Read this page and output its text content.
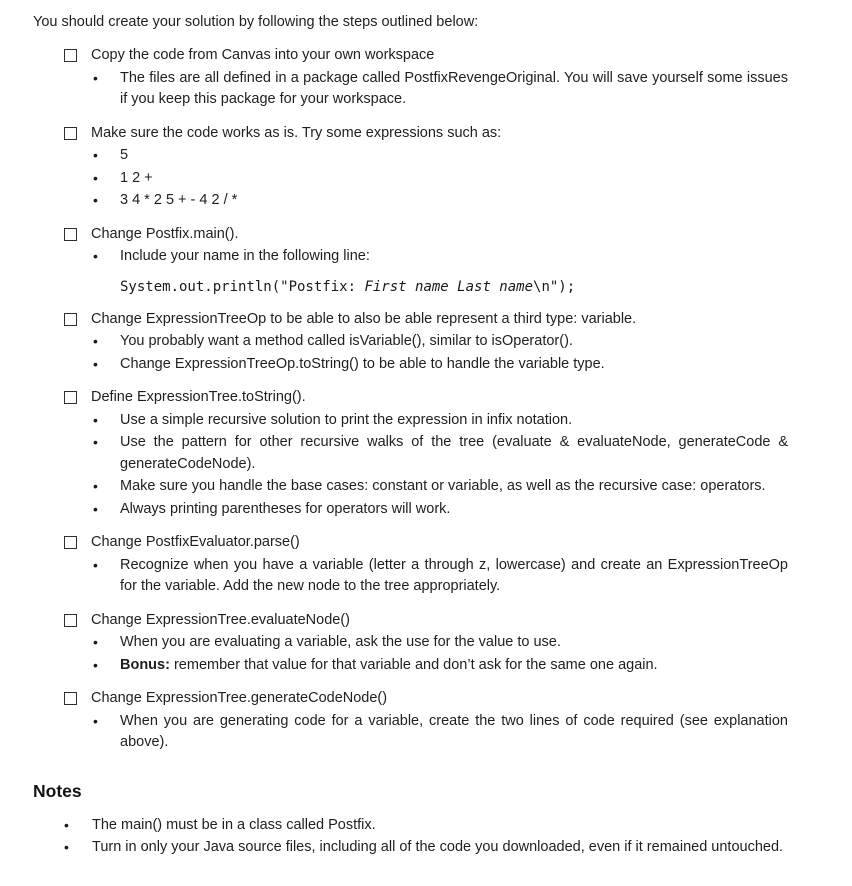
You should create your solution by following the steps outlined below:

Copy the code from Canvas into your own workspace
•	The files are all defined in a package called PostfixRevengeOriginal. You will save yourself some issues if you keep this package for your workspace.
Make sure the code works as is. Try some expressions such as:
•	5
•	1 2 +
•	3 4 * 2 5 + - 4 2 / *
Change Postfix.main().
•	Include your name in the following line:
System.out.println("Postfix: First name Last name\n");
Change ExpressionTreeOp to be able to also be able represent a third type: variable.
•	You probably want a method called isVariable(), similar to isOperator().
•	Change ExpressionTreeOp.toString() to be able to handle the variable type.
Define ExpressionTree.toString().
•	Use a simple recursive solution to print the expression in infix notation.
•	Use the pattern for other recursive walks of the tree (evaluate & evaluateNode, generateCode & generateCodeNode).
•	Make sure you handle the base cases: constant or variable, as well as the recursive case: operators.
•	Always printing parentheses for operators will work.
Change PostfixEvaluator.parse()
•	Recognize when you have a variable (letter a through z, lowercase) and create an ExpressionTreeOp for the variable. Add the new node to the tree appropriately.
Change ExpressionTree.evaluateNode()
•	When you are evaluating a variable, ask the use for the value to use.
•	Bonus: remember that value for that variable and don’t ask for the same one again.
Change ExpressionTree.generateCodeNode()
•	When you are generating code for a variable, create the two lines of code required (see explanation above).
Notes
•	The main() must be in a class called Postfix.
•	Turn in only your Java source files, including all of the code you downloaded, even if it remained untouched.
